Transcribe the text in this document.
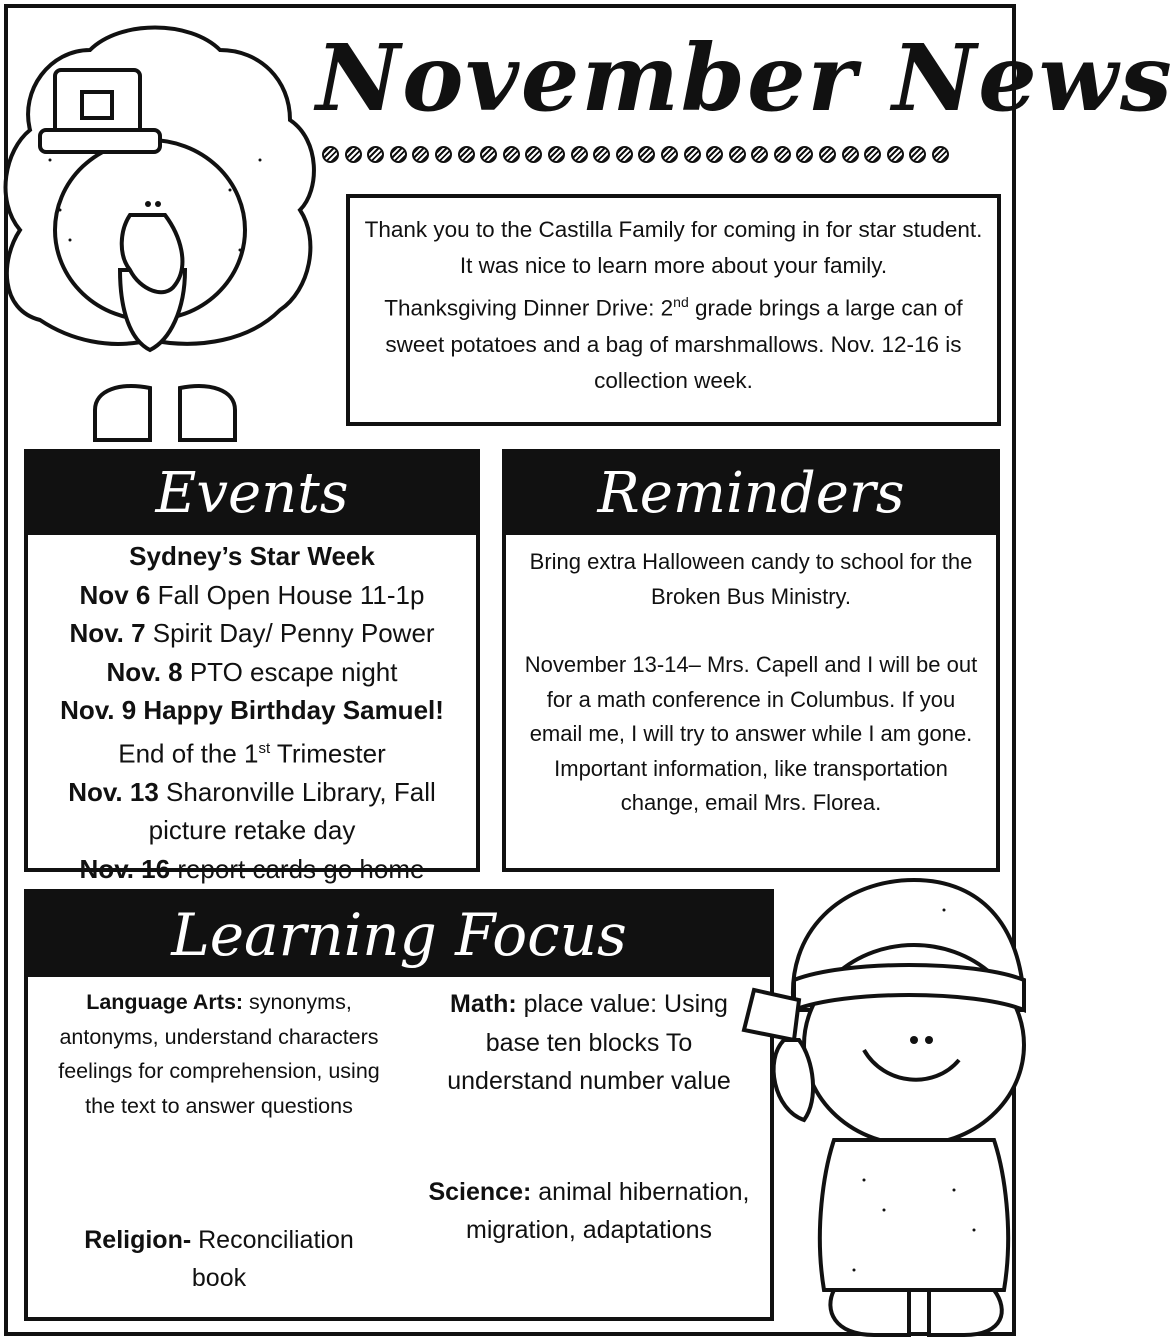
November News

Thank you to the Castilla Family for coming in for star student. It was nice to learn more about your family.

Thanksgiving Dinner Drive: 2nd grade brings a large can of sweet potatoes and a bag of marshmallows. Nov. 12-16 is collection week.

Events
Sydney’s Star Week
Nov 6 Fall Open House 11-1p
Nov. 7 Spirit Day/ Penny Power
Nov. 8 PTO escape night
Nov. 9 Happy Birthday Samuel!
End of the 1st Trimester
Nov. 13 Sharonville Library, Fall
picture retake day
Nov. 16 report cards go home
Reminders

Bring extra Halloween candy to school for the Broken Bus Ministry.

November 13-14– Mrs. Capell and I will be out for a math conference in Columbus. If you email me, I will try to answer while I am gone. Important information, like transportation change, email Mrs. Florea.

Learning Focus

Language Arts: synonyms, antonyms, understand characters feelings for comprehension, using the text to answer questions

Religion- Reconciliation book

Math: place value: Using base ten blocks To understand number value

Science: animal hibernation, migration, adaptations
